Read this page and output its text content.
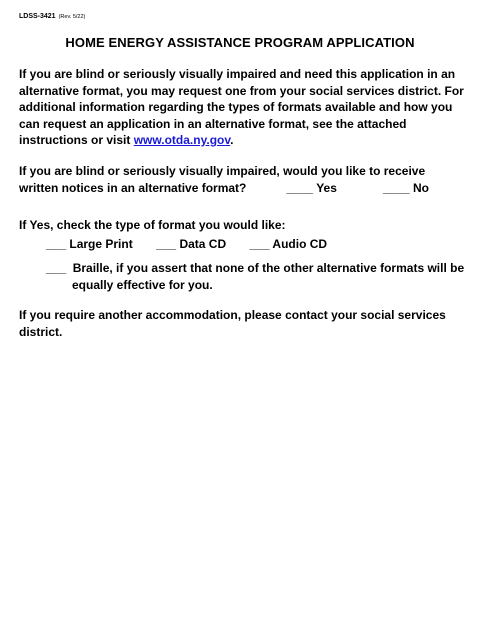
LDSS-3421 (Rev. 5/22)
HOME ENERGY ASSISTANCE PROGRAM APPLICATION
If you are blind or seriously visually impaired and need this application in an alternative format, you may request one from your social services district. For additional information regarding the types of formats available and how you can request an application in an alternative format, see the attached instructions or visit www.otda.ny.gov.
If you are blind or seriously visually impaired, would you like to receive written notices in an alternative format?	____ Yes	____ No
If Yes, check the type of format you would like:
___ Large Print ___ Data CD ___ Audio CD
___ Braille, if you assert that none of the other alternative formats will be
equally effective for you.
If you require another accommodation, please contact your social services district.
